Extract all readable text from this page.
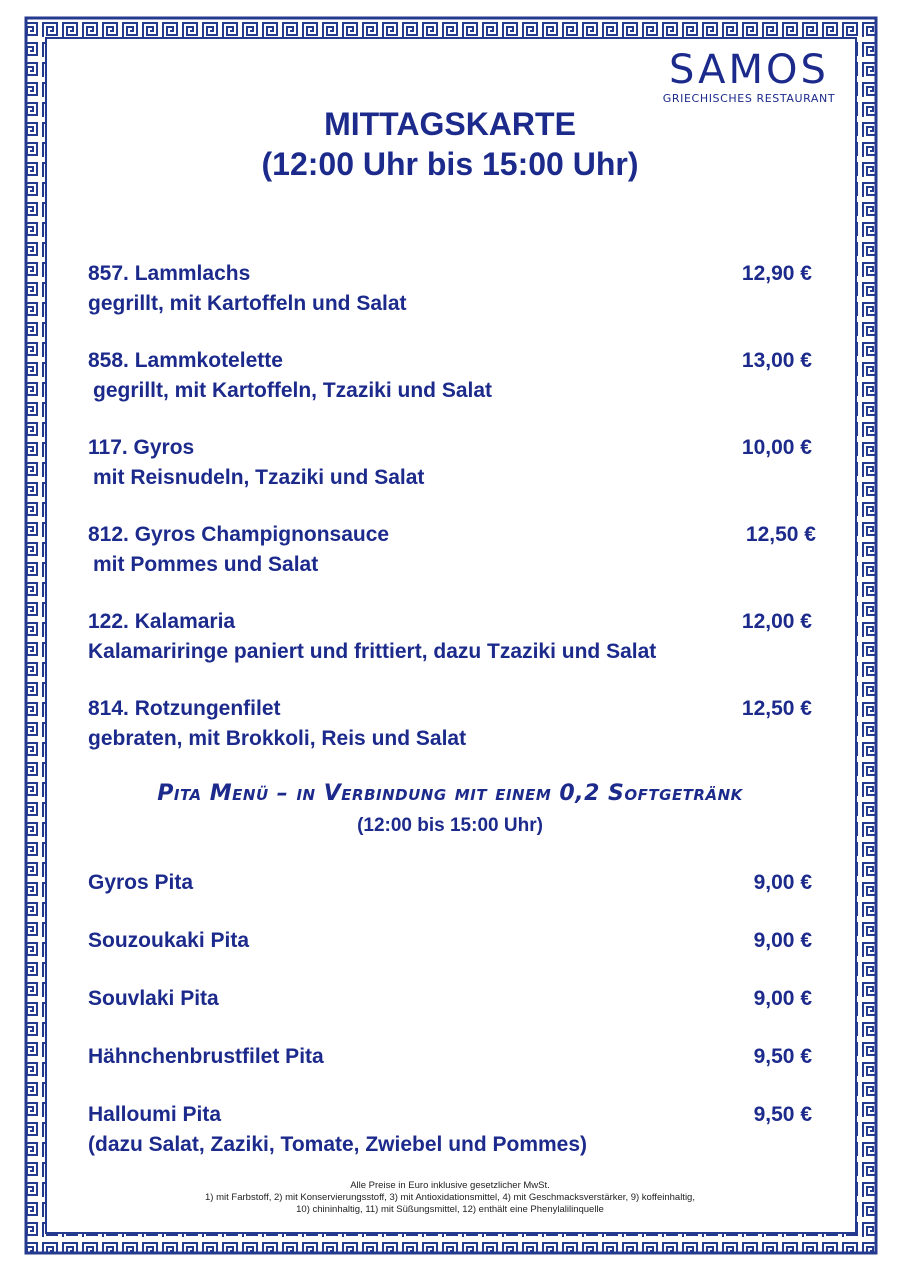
SAMOS
GRIECHISCHES RESTAURANT
MITTAGSKARTE
(12:00 Uhr bis 15:00 Uhr)
857. Lammlachs	12,90 €
gegrillt, mit Kartoffeln und Salat
858. Lammkotelette	13,00 €
gegrillt, mit Kartoffeln, Tzaziki und Salat
117. Gyros	10,00 €
mit Reisnudeln, Tzaziki und Salat
812. Gyros Champignonsauce	12,50 €
mit Pommes und Salat
122. Kalamaria	12,00 €
Kalamariringe paniert und frittiert, dazu Tzaziki und Salat
814. Rotzungenfilet	12,50 €
gebraten, mit Brokkoli, Reis und Salat
Pita Menü – in Verbindung mit einem 0,2 Softgetränk
(12:00 bis 15:00 Uhr)
Gyros Pita	9,00 €
Souzoukaki Pita	9,00 €
Souvlaki Pita	9,00 €
Hähnchenbrustfilet Pita	9,50 €
Halloumi Pita	9,50 €
(dazu Salat, Zaziki, Tomate, Zwiebel und Pommes)
Alle Preise in Euro inklusive gesetzlicher MwSt.
1) mit Farbstoff, 2) mit Konservierungsstoff, 3) mit Antioxidationsmittel, 4) mit Geschmacksverstärker, 9) koffeinhaltig,
10) chininhaltig, 11) mit Süßungsmittel, 12) enthält eine Phenylalilinquelle
